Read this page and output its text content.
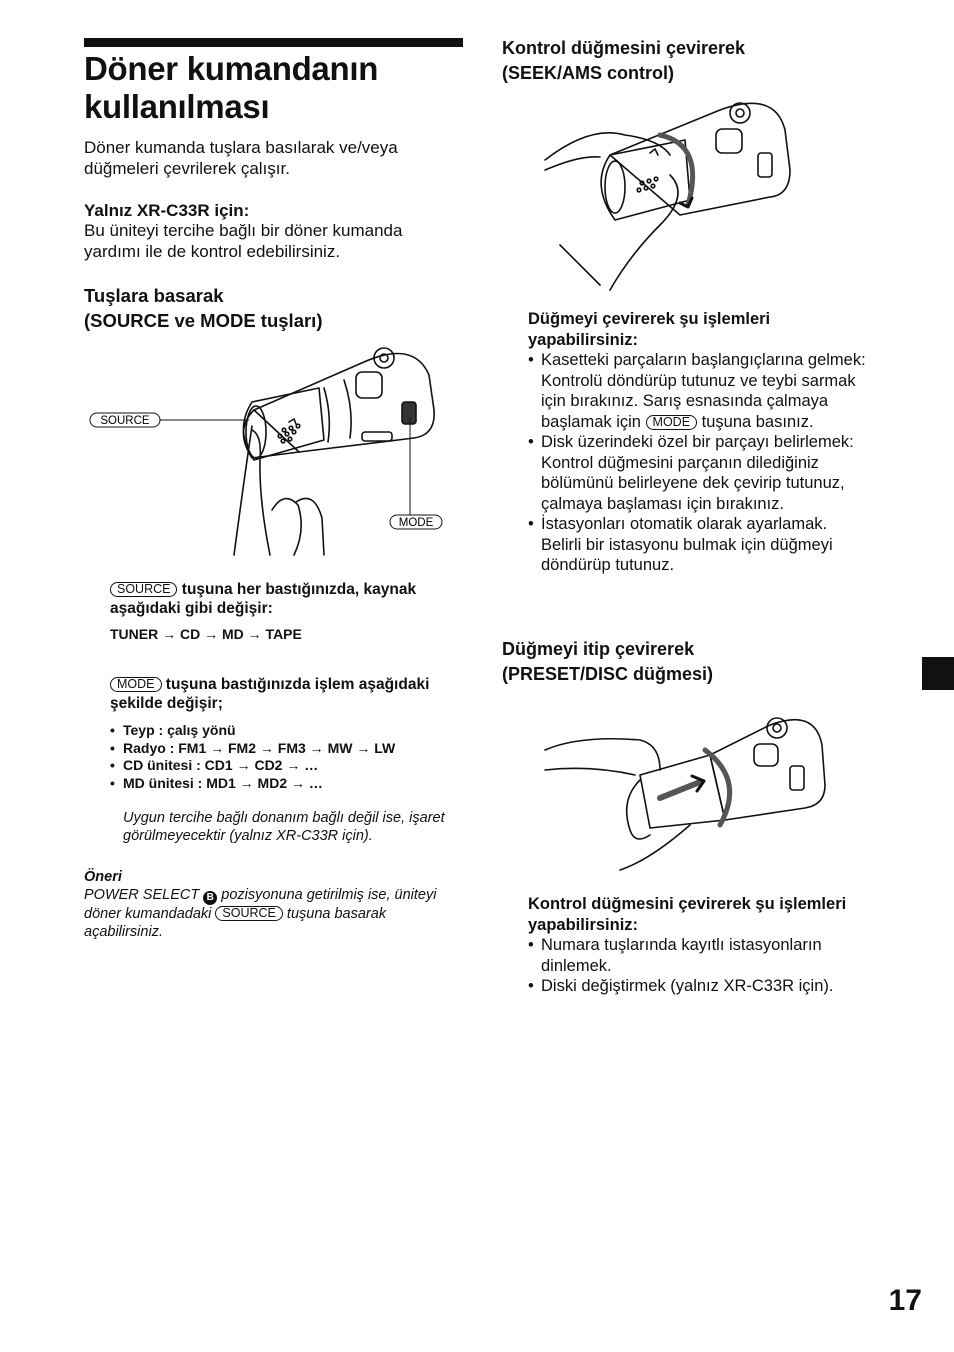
Döner kumandanın kullanılması
Döner kumanda tuşlara basılarak ve/veya düğmeleri çevrilerek çalışır.
Yalnız XR-C33R için:
Bu üniteyi tercihe bağlı bir döner kumanda yardımı ile de kontrol edebilirsiniz.
Tuşlara basarak
(SOURCE ve MODE tuşları)
SOURCE
MODE
SOURCE tuşuna her bastığınızda, kaynak aşağıdaki gibi değişir:
TUNER → CD → MD → TAPE
MODE tuşuna bastığınızda işlem aşağıdaki şekilde değişir;
• Teyp : çalış yönü
• Radyo : FM1 → FM2 → FM3 → MW → LW
• CD ünitesi : CD1 → CD2 → …
• MD ünitesi : MD1 → MD2 → …
Uygun tercihe bağlı donanım bağlı değil ise, işaret görülmeyecektir (yalnız XR-C33R için).
Öneri
POWER SELECT B pozisyonuna getirilmiş ise, üniteyi döner kumandadaki SOURCE tuşuna basarak açabilirsiniz.
Kontrol düğmesini çevirerek
(SEEK/AMS control)
Düğmeyi çevirerek şu işlemleri yapabilirsiniz:
• Kasetteki parçaların başlangıçlarına gelmek: Kontrolü döndürüp tutunuz ve teybi sarmak için bırakınız. Sarış esnasında çalmaya başlamak için MODE tuşuna basınız.
• Disk üzerindeki özel bir parçayı belirlemek: Kontrol düğmesini parçanın dilediğiniz bölümünü belirleyene dek çevirip tutunuz, çalmaya başlaması için bırakınız.
• İstasyonları otomatik olarak ayarlamak. Belirli bir istasyonu bulmak için düğmeyi döndürüp tutunuz.
Düğmeyi itip çevirerek
(PRESET/DISC düğmesi)
Kontrol düğmesini çevirerek şu işlemleri yapabilirsiniz:
• Numara tuşlarında kayıtlı istasyonların dinlemek.
• Diski değiştirmek (yalnız XR-C33R için).
17
